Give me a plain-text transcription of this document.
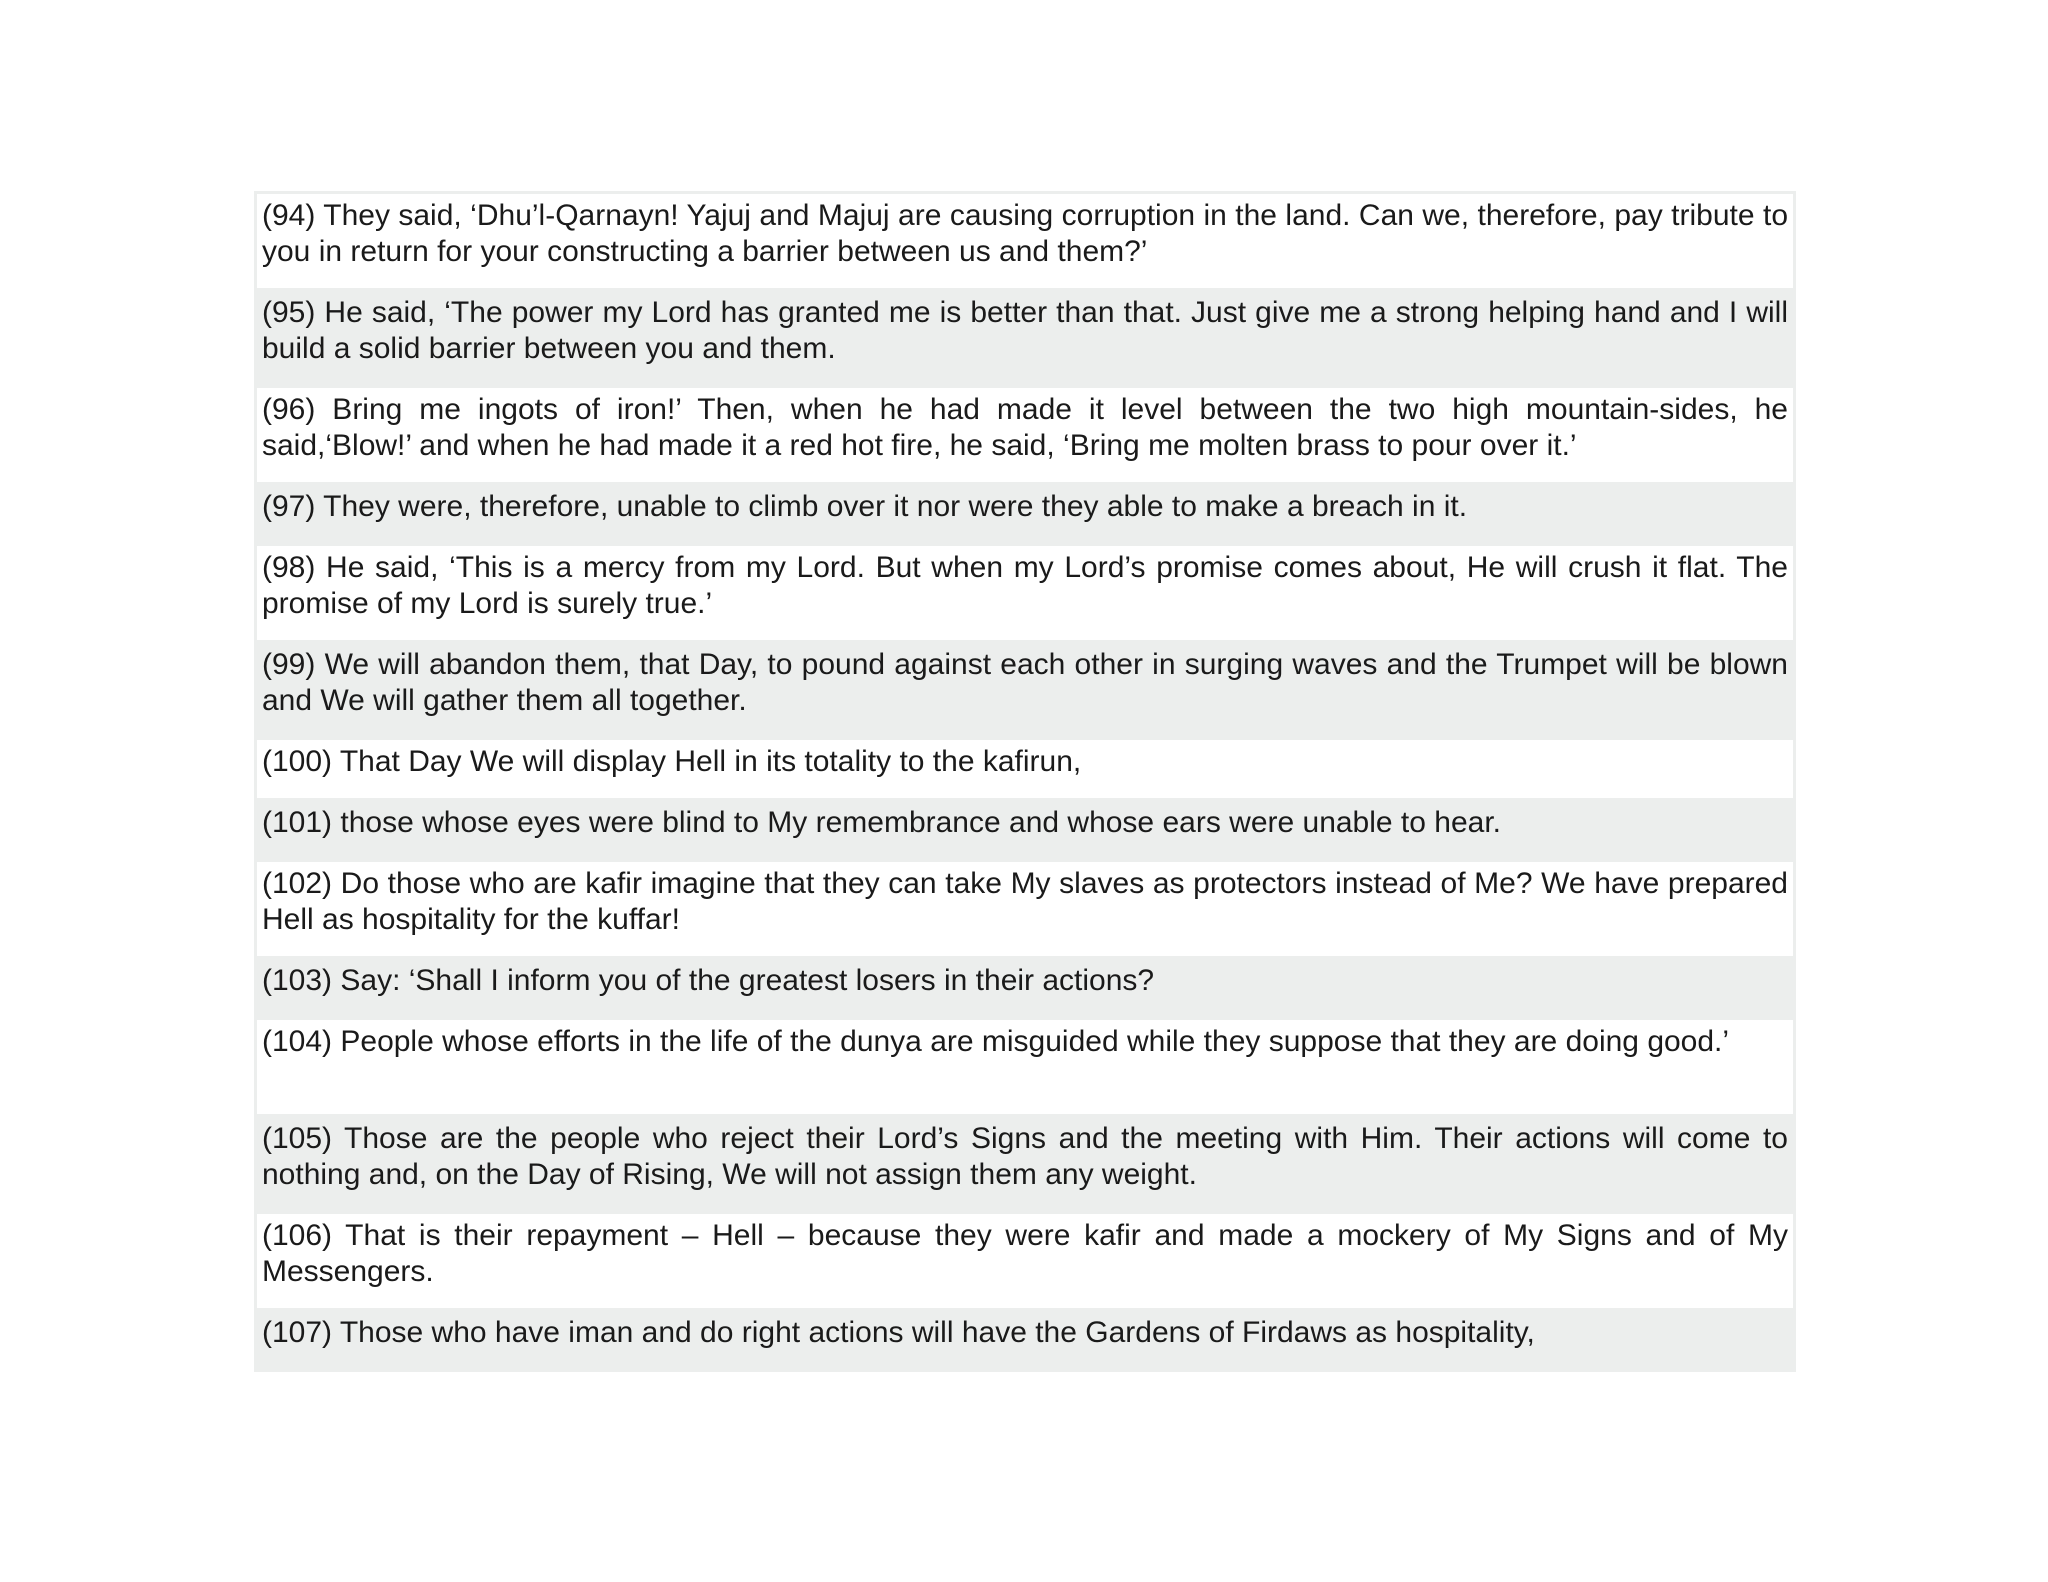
(94) They said, ‘Dhu’l-Qarnayn! Yajuj and Majuj are causing corruption in the land. Can we, therefore, pay tribute to you in return for your constructing a barrier between us and them?’
(95) He said, ‘The power my Lord has granted me is better than that. Just give me a strong helping hand and I will build a solid barrier between you and them.
(96) Bring me ingots of iron!’ Then, when he had made it level between the two high mountain-sides, he said,‘Blow!’ and when he had made it a red hot fire, he said, ‘Bring me molten brass to pour over it.’
(97) They were, therefore, unable to climb over it nor were they able to make a breach in it.
(98) He said, ‘This is a mercy from my Lord. But when my Lord’s promise comes about, He will crush it flat. The promise of my Lord is surely true.’
(99) We will abandon them, that Day, to pound against each other in surging waves and the Trumpet will be blown and We will gather them all together.
(100) That Day We will display Hell in its totality to the kafirun,
(101) those whose eyes were blind to My remembrance and whose ears were unable to hear.
(102) Do those who are kafir imagine that they can take My slaves as protectors instead of Me? We have prepared Hell as hospitality for the kuffar!
(103) Say: ‘Shall I inform you of the greatest losers in their actions?
(104) People whose efforts in the life of the dunya are misguided while they suppose that they are doing good.’
(105) Those are the people who reject their Lord’s Signs and the meeting with Him. Their actions will come to nothing and, on the Day of Rising, We will not assign them any weight.
(106) That is their repayment – Hell – because they were kafir and made a mockery of My Signs and of My Messengers.
(107) Those who have iman and do right actions will have the Gardens of Firdaws as hospitality,
